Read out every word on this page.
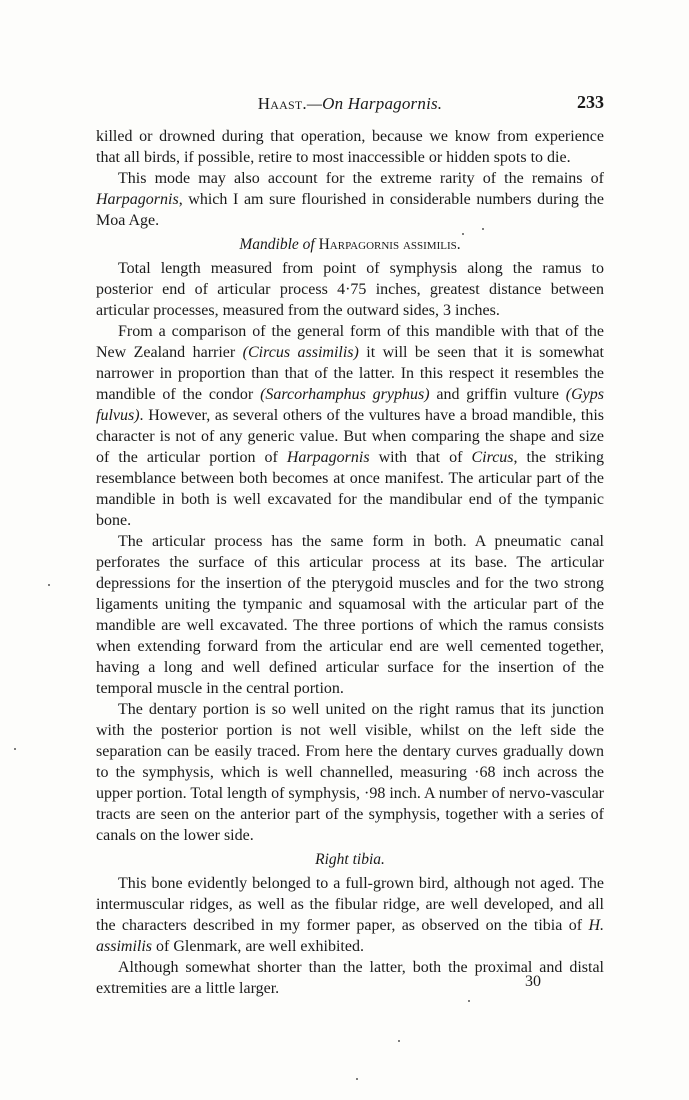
Haast.—On Harpagornis.	233

killed or drowned during that operation, because we know from experience that all birds, if possible, retire to most inaccessible or hidden spots to die.

This mode may also account for the extreme rarity of the remains of Harpagornis, which I am sure flourished in considerable numbers during the Moa Age.

Mandible of Harpagornis assimilis.

Total length measured from point of symphysis along the ramus to posterior end of articular process 4·75 inches, greatest distance between articular processes, measured from the outward sides, 3 inches.

From a comparison of the general form of this mandible with that of the New Zealand harrier (Circus assimilis) it will be seen that it is somewhat narrower in proportion than that of the latter. In this respect it resembles the mandible of the condor (Sarcorhamphus gryphus) and griffin vulture (Gyps fulvus). However, as several others of the vultures have a broad mandible, this character is not of any generic value. But when comparing the shape and size of the articular portion of Harpagornis with that of Circus, the striking resemblance between both becomes at once manifest. The articular part of the mandible in both is well excavated for the mandibular end of the tympanic bone.

The articular process has the same form in both. A pneumatic canal perforates the surface of this articular process at its base. The articular depressions for the insertion of the pterygoid muscles and for the two strong ligaments uniting the tympanic and squamosal with the articular part of the mandible are well excavated. The three portions of which the ramus consists when extending forward from the articular end are well cemented together, having a long and well defined articular surface for the insertion of the temporal muscle in the central portion.

The dentary portion is so well united on the right ramus that its junction with the posterior portion is not well visible, whilst on the left side the separation can be easily traced. From here the dentary curves gradually down to the symphysis, which is well channelled, measuring ·68 inch across the upper portion. Total length of symphysis, ·98 inch. A number of nervo-vascular tracts are seen on the anterior part of the symphysis, together with a series of canals on the lower side.

Right tibia.

This bone evidently belonged to a full-grown bird, although not aged. The intermuscular ridges, as well as the fibular ridge, are well developed, and all the characters described in my former paper, as observed on the tibia of H. assimilis of Glenmark, are well exhibited.

Although somewhat shorter than the latter, both the proximal and distal extremities are a little larger.	30
